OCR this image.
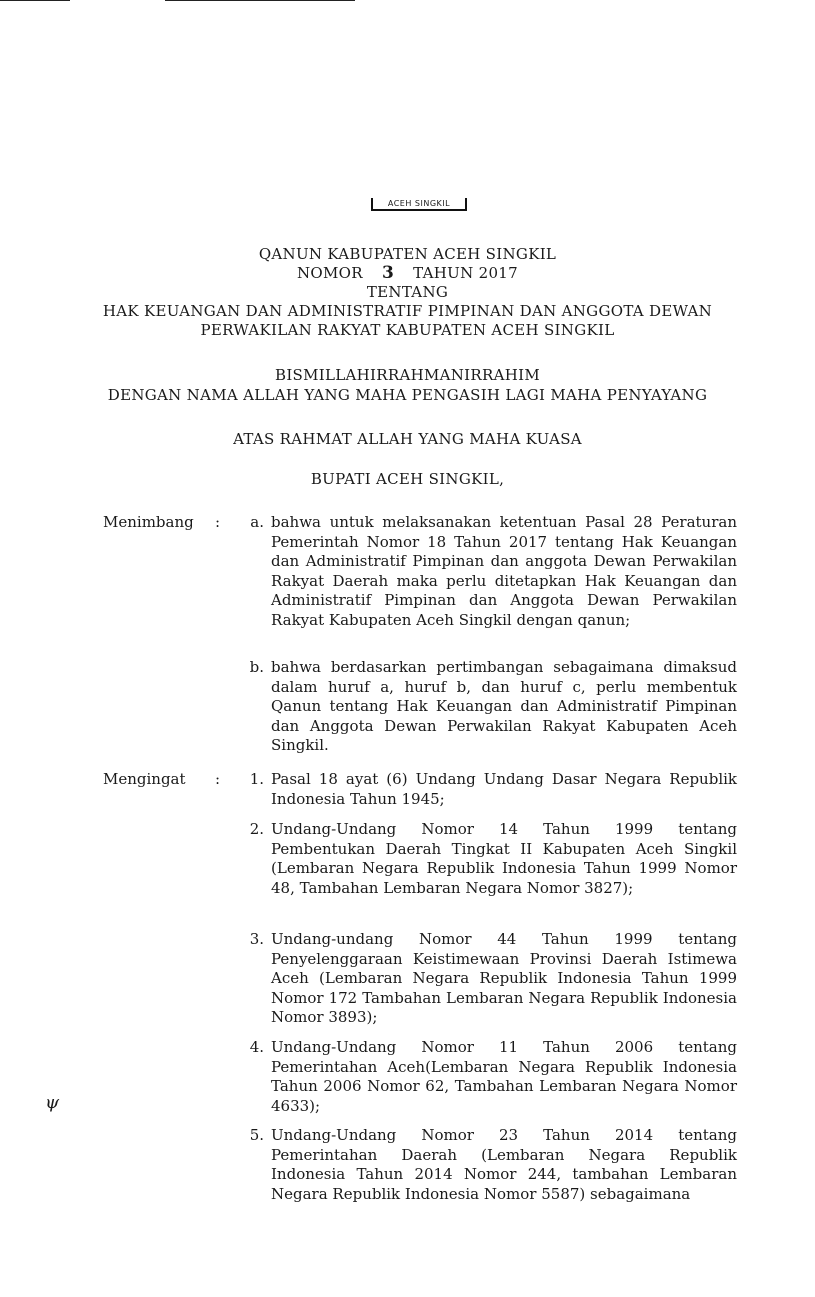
ACEH SINGKIL
QANUN KABUPATEN ACEH SINGKIL
NOMOR 3 TAHUN 2017
TENTANG
HAK KEUANGAN DAN ADMINISTRATIF PIMPINAN DAN ANGGOTA DEWAN
PERWAKILAN RAKYAT KABUPATEN ACEH SINGKIL
BISMILLAHIRRAHMANIRRAHIM
DENGAN NAMA ALLAH YANG MAHA PENGASIH LAGI MAHA PENYAYANG
ATAS RAHMAT ALLAH YANG MAHA KUASA
BUPATI ACEH SINGKIL,
Menimbang :	a. bahwa untuk melaksanakan ketentuan Pasal 28 Peraturan Pemerintah Nomor 18 Tahun 2017 tentang Hak Keuangan dan Administratif Pimpinan dan anggota Dewan Perwakilan Rakyat Daerah maka perlu ditetapkan Hak Keuangan dan Administratif Pimpinan dan Anggota Dewan Perwakilan Rakyat Kabupaten Aceh Singkil dengan qanun;
b. bahwa berdasarkan pertimbangan sebagaimana dimaksud dalam huruf a, huruf b, dan huruf c, perlu membentuk Qanun tentang Hak Keuangan dan Administratif Pimpinan dan Anggota Dewan Perwakilan Rakyat Kabupaten Aceh Singkil.
Mengingat :	1. Pasal 18 ayat (6) Undang Undang Dasar Negara Republik Indonesia Tahun 1945;
2. Undang-Undang Nomor 14 Tahun 1999 tentang Pembentukan Daerah Tingkat II Kabupaten Aceh Singkil (Lembaran Negara Republik Indonesia Tahun 1999 Nomor 48, Tambahan Lembaran Negara Nomor 3827);
3. Undang-undang Nomor 44 Tahun 1999 tentang Penyelenggaraan Keistimewaan Provinsi Daerah Istimewa Aceh (Lembaran Negara Republik Indonesia Tahun 1999 Nomor 172 Tambahan Lembaran Negara Republik Indonesia Nomor 3893);
4. Undang-Undang Nomor 11 Tahun 2006 tentang Pemerintahan Aceh(Lembaran Negara Republik Indonesia Tahun 2006 Nomor 62, Tambahan Lembaran Negara Nomor 4633);
5. Undang-Undang Nomor 23 Tahun 2014 tentang Pemerintahan Daerah (Lembaran Negara Republik Indonesia Tahun 2014 Nomor 244, tambahan Lembaran Negara Republik Indonesia Nomor 5587) sebagaimana
ψ
